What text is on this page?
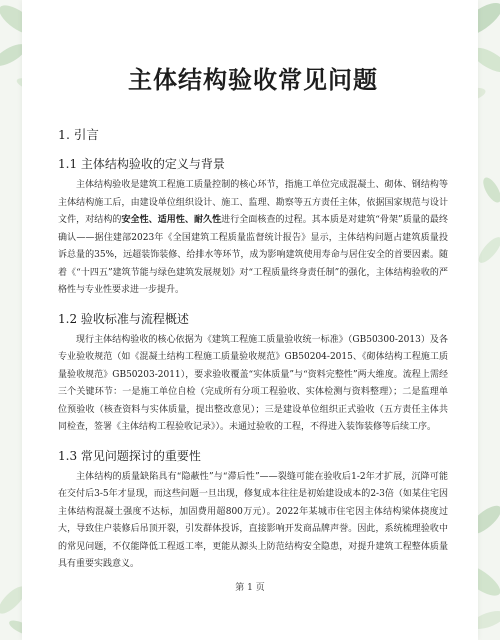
主体结构验收常见问题
1. 引言
1.1 主体结构验收的定义与背景

主体结构验收是建筑工程施工质量控制的核心环节，指施工单位完成混凝土、砌体、钢结构等主体结构施工后，由建设单位组织设计、施工、监理、勘察等五方责任主体，依据国家规范与设计文件，对结构的安全性、适用性、耐久性进行全面核查的过程。其本质是对建筑“骨架”质量的最终确认——据住建部2023年《全国建筑工程质量监督统计报告》显示，主体结构问题占建筑质量投诉总量的35%，远超装饰装修、给排水等环节，成为影响建筑使用寿命与居住安全的首要因素。随着《“十四五”建筑节能与绿色建筑发展规划》对“工程质量终身责任制”的强化，主体结构验收的严格性与专业性要求进一步提升。

1.2 验收标准与流程概述

现行主体结构验收的核心依据为《建筑工程施工质量验收统一标准》（GB50300-2013）及各专业验收规范（如《混凝土结构工程施工质量验收规范》GB50204-2015、《砌体结构工程施工质量验收规范》GB50203-2011），要求验收覆盖“实体质量”与“资料完整性”两大维度。流程上需经三个关键环节：一是施工单位自检（完成所有分项工程验收、实体检测与资料整理）；二是监理单位预验收（核查资料与实体质量，提出整改意见）；三是建设单位组织正式验收（五方责任主体共同检查，签署《主体结构工程验收记录》）。未通过验收的工程，不得进入装饰装修等后续工序。

1.3 常见问题探讨的重要性

主体结构的质量缺陷具有“隐蔽性”与“滞后性”——裂缝可能在验收后1-2年才扩展，沉降可能在交付后3-5年才显现，而这些问题一旦出现，修复成本往往是初始建设成本的2-3倍（如某住宅因主体结构混凝土强度不达标，加固费用超800万元）。2022年某城市住宅因主体结构梁体挠度过大，导致住户装修后吊顶开裂，引发群体投诉，直接影响开发商品牌声誉。因此，系统梳理验收中的常见问题，不仅能降低工程返工率，更能从源头上防范结构安全隐患，对提升建筑工程整体质量具有重要实践意义。

第 1 页
